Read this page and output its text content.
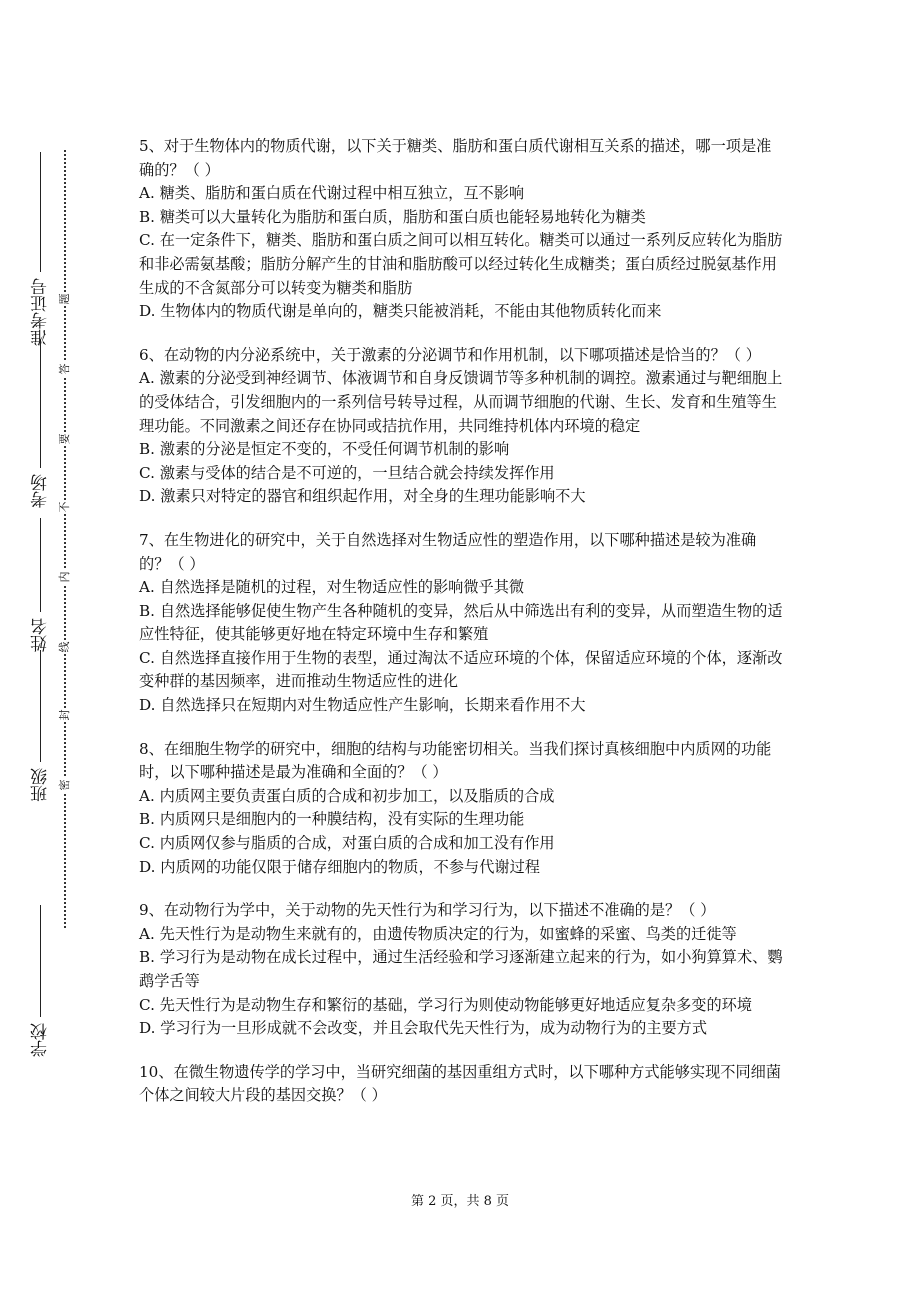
学校
班级
姓名
考场
准考证号
密
封
线
内
不
要
答
题

5、对于生物体内的物质代谢，以下关于糖类、脂肪和蛋白质代谢相互关系的描述，哪一项是准确的？（ ）

A. 糖类、脂肪和蛋白质在代谢过程中相互独立，互不影响

B. 糖类可以大量转化为脂肪和蛋白质，脂肪和蛋白质也能轻易地转化为糖类

C. 在一定条件下，糖类、脂肪和蛋白质之间可以相互转化。糖类可以通过一系列反应转化为脂肪和非必需氨基酸；脂肪分解产生的甘油和脂肪酸可以经过转化生成糖类；蛋白质经过脱氨基作用生成的不含氮部分可以转变为糖类和脂肪

D. 生物体内的物质代谢是单向的，糖类只能被消耗，不能由其他物质转化而来

6、在动物的内分泌系统中，关于激素的分泌调节和作用机制，以下哪项描述是恰当的？（ ）

A. 激素的分泌受到神经调节、体液调节和自身反馈调节等多种机制的调控。激素通过与靶细胞上的受体结合，引发细胞内的一系列信号转导过程，从而调节细胞的代谢、生长、发育和生殖等生理功能。不同激素之间还存在协同或拮抗作用，共同维持机体内环境的稳定

B. 激素的分泌是恒定不变的，不受任何调节机制的影响

C. 激素与受体的结合是不可逆的，一旦结合就会持续发挥作用

D. 激素只对特定的器官和组织起作用，对全身的生理功能影响不大

7、在生物进化的研究中，关于自然选择对生物适应性的塑造作用，以下哪种描述是较为准确的？（ ）

A. 自然选择是随机的过程，对生物适应性的影响微乎其微

B. 自然选择能够促使生物产生各种随机的变异，然后从中筛选出有利的变异，从而塑造生物的适应性特征，使其能够更好地在特定环境中生存和繁殖

C. 自然选择直接作用于生物的表型，通过淘汰不适应环境的个体，保留适应环境的个体，逐渐改变种群的基因频率，进而推动生物适应性的进化

D. 自然选择只在短期内对生物适应性产生影响，长期来看作用不大

8、在细胞生物学的研究中，细胞的结构与功能密切相关。当我们探讨真核细胞中内质网的功能时，以下哪种描述是最为准确和全面的？（ ）

A. 内质网主要负责蛋白质的合成和初步加工，以及脂质的合成

B. 内质网只是细胞内的一种膜结构，没有实际的生理功能

C. 内质网仅参与脂质的合成，对蛋白质的合成和加工没有作用

D. 内质网的功能仅限于储存细胞内的物质，不参与代谢过程

9、在动物行为学中，关于动物的先天性行为和学习行为，以下描述不准确的是？（ ）

A. 先天性行为是动物生来就有的，由遗传物质决定的行为，如蜜蜂的采蜜、鸟类的迁徙等

B. 学习行为是动物在成长过程中，通过生活经验和学习逐渐建立起来的行为，如小狗算算术、鹦鹉学舌等

C. 先天性行为是动物生存和繁衍的基础，学习行为则使动物能够更好地适应复杂多变的环境

D. 学习行为一旦形成就不会改变，并且会取代先天性行为，成为动物行为的主要方式

10、在微生物遗传学的学习中，当研究细菌的基因重组方式时，以下哪种方式能够实现不同细菌个体之间较大片段的基因交换？（ ）

第 2 页，共 8 页
